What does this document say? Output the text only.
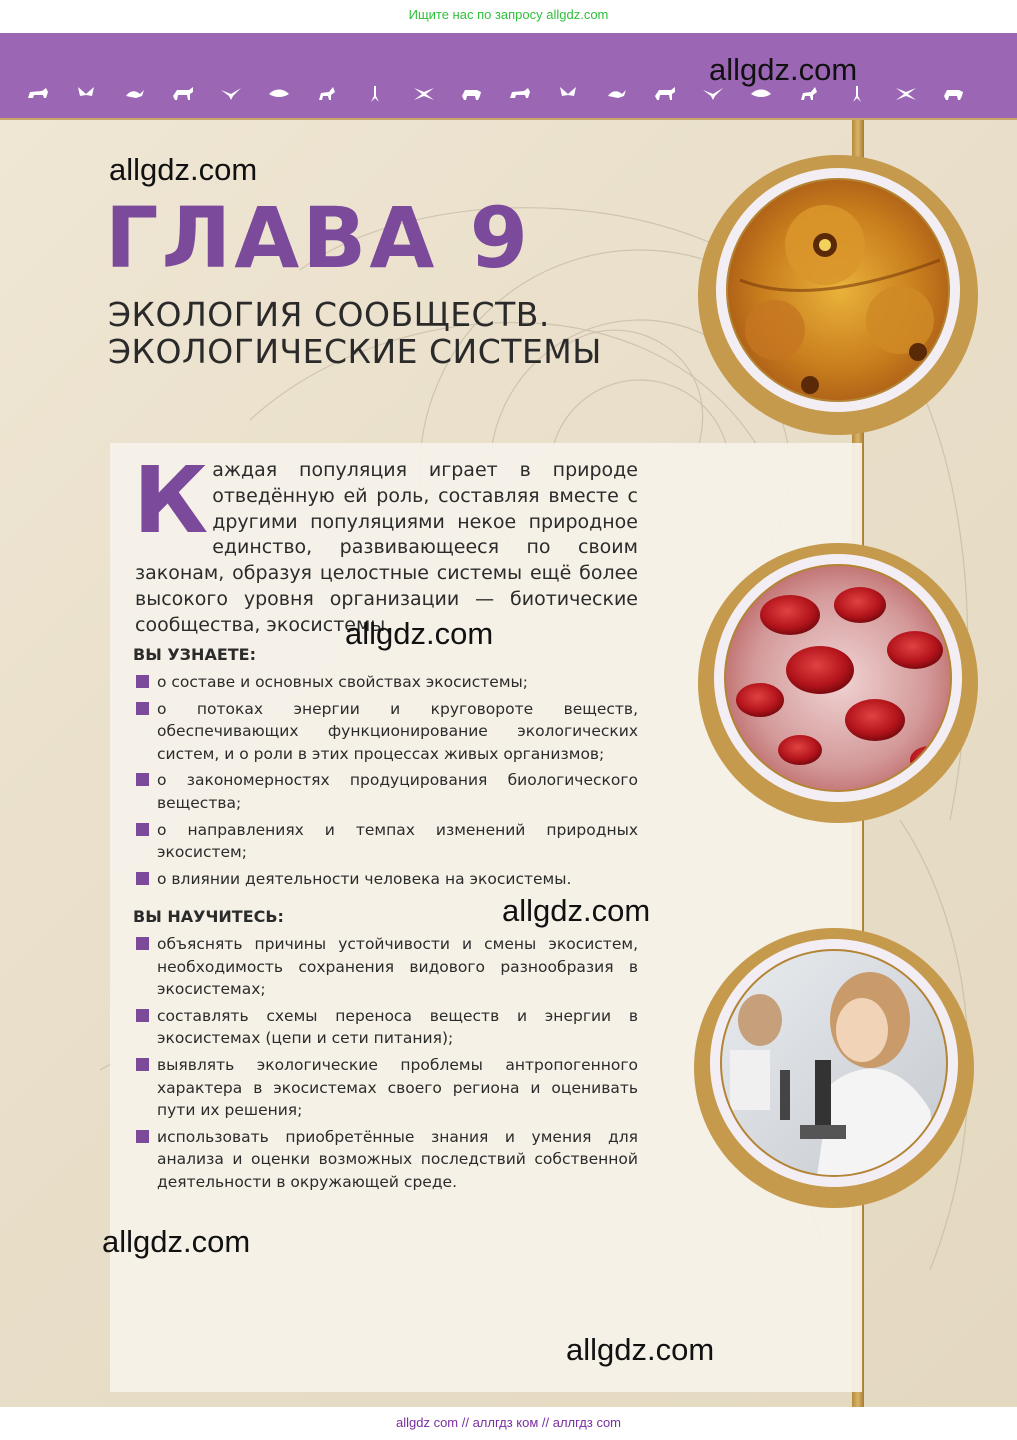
Ищите нас по запросу allgdz.com
allgdz.com
allgdz.com
ГЛАВА 9
ЭКОЛОГИЯ СООБЩЕСТВ.
ЭКОЛОГИЧЕСКИЕ СИСТЕМЫ
Каждая популяция играет в природе отведённую ей роль, составляя вместе с другими популяциями некое природное единство, развивающееся по своим законам, образуя целостные системы ещё более высокого уровня организации — биотические сообщества, экосистемы.
allgdz.com
ВЫ УЗНАЕТЕ:
о составе и основных свойствах экосистемы;
о потоках энергии и круговороте веществ, обеспечивающих функционирование экологических систем, и о роли в этих процессах живых организмов;
о закономерностях продуцирования биологического вещества;
о направлениях и темпах изменений природных экосистем;
о влиянии деятельности человека на экосистемы.
allgdz.com
ВЫ НАУЧИТЕСЬ:
объяснять причины устойчивости и смены экосистем, необходимость сохранения видового разнообразия в экосистемах;
составлять схемы переноса веществ и энергии в экосистемах (цепи и сети питания);
выявлять экологические проблемы антропогенного характера в экосистемах своего региона и оценивать пути их решения;
использовать приобретённые знания и умения для анализа и оценки возможных последствий собственной деятельности в окружающей среде.
allgdz.com
allgdz.com
allgdz com // аллгдз ком // аллгдз com
